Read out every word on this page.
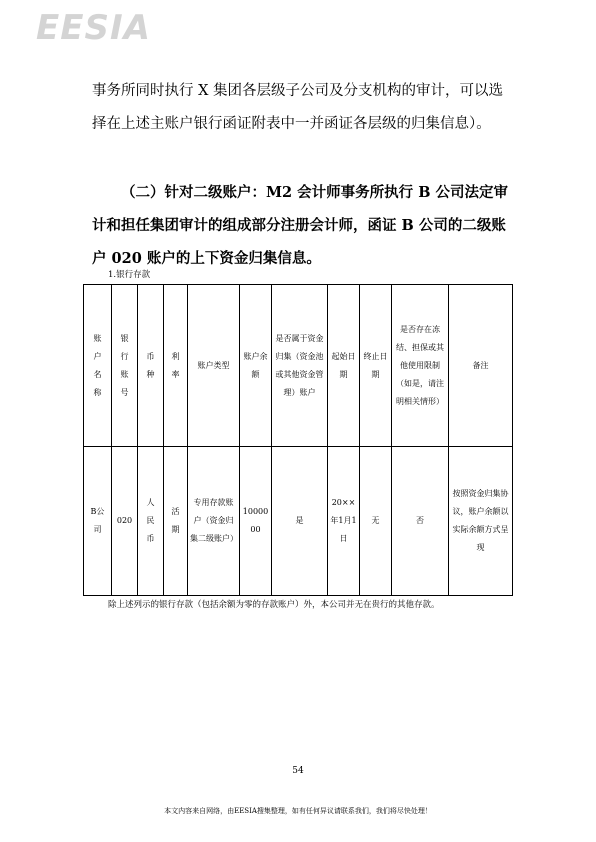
EESIA

事务所同时执行 X 集团各层级子公司及分支机构的审计，可以选择在上述主账户银行函证附表中一并函证各层级的归集信息）。

（二）针对二级账户：M2 会计师事务所执行 B 公司法定审计和担任集团审计的组成部分注册会计师，函证 B 公司的二级账户 020 账户的上下资金归集信息。

1.银行存款
账户名称	银行账号	币种	利率	账户类型	账户余额	是否属于资金归集（资金池或其他资金管理）账户	起始日期	终止日期	是否存在冻结、担保或其他使用限制（如是，请注明相关情形）	备注
B公司	020	人民币	活期	专用存款账户（资金归集二级账户）	1000000	是	20××年1月1日	无	否	按照资金归集协议，账户余额以实际余额方式呈现
除上述列示的银行存款（包括余额为零的存款账户）外，本公司并无在贵行的其他存款。
54
本文内容来自网络，由EESIA搜集整理，如有任何异议请联系我们，我们将尽快处理！
